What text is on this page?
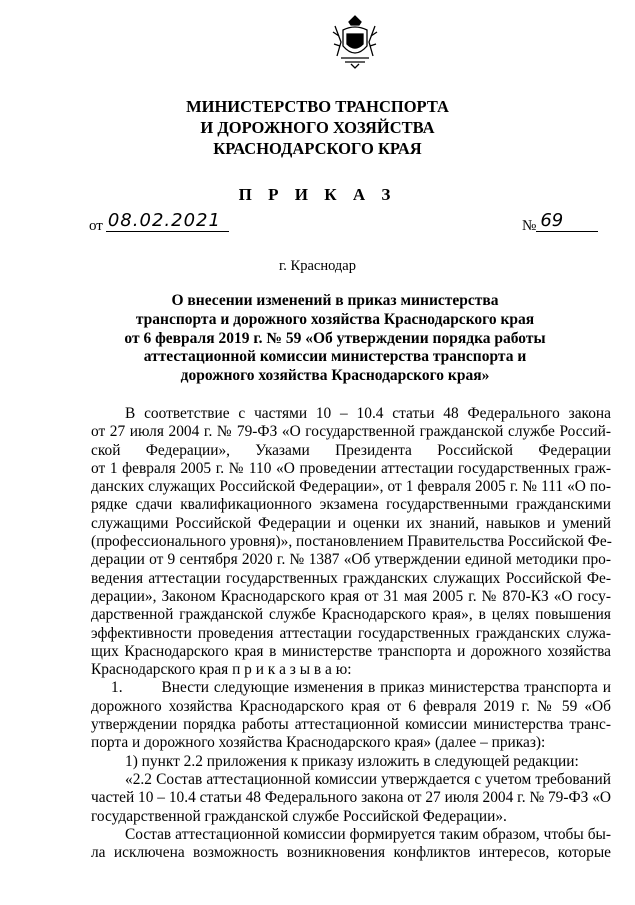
МИНИСТЕРСТВО ТРАНСПОРТА
И ДОРОЖНОГО ХОЗЯЙСТВА
КРАСНОДАРСКОГО КРАЯ
П Р И К А З
от 08.02.2021	№ 69
г. Краснодар
О внесении изменений в приказ министерства
транспорта и дорожного хозяйства Краснодарского края
от 6 февраля 2019 г. № 59 «Об утверждении порядка работы
аттестационной комиссии министерства транспорта и
дорожного хозяйства Краснодарского края»
В соответствие с частями 10 – 10.4 статьи 48 Федерального закона
от 27 июля 2004 г. № 79-ФЗ «О государственной гражданской службе Россий-
ской Федерации», Указами Президента Российской Федерации
от 1 февраля 2005 г. № 110 «О проведении аттестации государственных граж-
данских служащих Российской Федерации», от 1 февраля 2005 г. № 111 «О по-
рядке сдачи квалификационного экзамена государственными гражданскими
служащими Российской Федерации и оценки их знаний, навыков и умений
(профессионального уровня)», постановлением Правительства Российской Фе-
дерации от 9 сентября 2020 г. № 1387 «Об утверждении единой методики про-
ведения аттестации государственных гражданских служащих Российской Фе-
дерации», Законом Краснодарского края от 31 мая 2005 г. № 870-КЗ «О госу-
дарственной гражданской службе Краснодарского края», в целях повышения
эффективности проведения аттестации государственных гражданских служа-
щих Краснодарского края в министерстве транспорта и дорожного хозяйства
Краснодарского края п р и к а з ы в а ю:
1.        Внести следующие изменения в приказ министерства транспорта и
дорожного хозяйства Краснодарского края от 6 февраля 2019 г. № 59 «Об
утверждении порядка работы аттестационной комиссии министерства транс-
порта и дорожного хозяйства Краснодарского края» (далее – приказ):
1) пункт 2.2 приложения к приказу изложить в следующей редакции:
«2.2 Состав аттестационной комиссии утверждается с учетом требований
частей 10 – 10.4 статьи 48 Федерального закона от 27 июля 2004 г. № 79-ФЗ «О
государственной гражданской службе Российской Федерации».
Состав аттестационной комиссии формируется таким образом, чтобы бы-
ла исключена возможность возникновения конфликтов интересов, которые
